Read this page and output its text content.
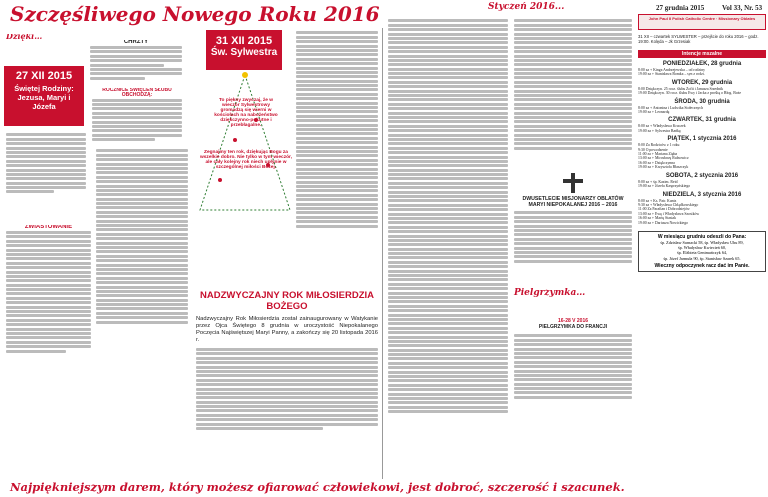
Szczęśliwego Nowego Roku 2016
Dzięki…
27 XII 2015
Świętej Rodziny: Jezusa, Maryi i Józefa
CHRZTY
ROCZNICE ŚWIĘCEŃ SŁUBU OBCHODZĄ:
ZWIASTOWANIE
31 XII 2015
Św. Sylwestra
To piękny zwyczaj, że w wieczór Sylwestrowy gromadzą się wierni w kościołach na nabożeństwo dziękczynno-pokutne i przebłagalne.
Zegnajmy ten rok, dziękując Bogu za wszelkie dobro. Nie tylko w tym wieczór, ale cały kolejny rok niech upłynie w szczególnej miłości Bożej.
NADZWYCZAJNY ROK MIŁOSIERDZIA BOŻEGO
Nadzwyczajny Rok Miłosierdzia został zainaugurowany w Watykanie przez Ojca Świętego 8 grudnia w uroczystość Niepokalanego Poczęcia Najświętszej Maryi Panny, a zakończy się 20 listopada 2016 r.
Najpiękniejszym darem, który możesz ofiarować człowiekowi, jest dobroć, szczerość i szacunek.
Styczeń 2016...	27 grudnia 2015	Vol 33, Nr. 53
DWUSETLECIE MISJONARZY OBLATÓW MARYI NIEPOKALANEJ 2016 – 2016
Pielgrzymka…
16-28 V 2016
PIELGRZYMKA DO FRANCJI
John Paul II Polish Catholic Centre · Missionary Oblates
31 XII – czwartek SYLWESTER – przejście do roku 2016 – godz. 19:00. Kolęda – Jk Grzesiak
Intencje mszalne
PONIEDZIAŁEK, 28 grudnia
8:00 za + Kinga Andrzejewska – od rodziny
19:00 za + Stanisława Bomka – syn z rodzi.
WTOREK, 29 grudnia
8:00 Dziękczyn. 25 rocz. ślubu Zofii i Janusza Srzednik
19:00 Dziękczyn. 30 rocz. ślubu Ewy i Jacka z prośbą o Błog. Boże
ŚRODA, 30 grudnia
8:00 za + Antonina i Ludwika Stołecznych
19:00 za + Leonardę
CZWARTEK, 31 grudnia
8:00 za + Władysława Kruczek
19:00 za + Sylwestra Bańkę
PIĄTEK, 1 stycznia 2016
8:00 Za Rodziców z 1 roku
9:30 O powodzenie
11:00 za + Mariana Zięba
13:00 za + Mirosławę Rulnowicz
16:00 za + Dziękczynna
19:00 za + Krzysztofa Błaszczyk
SOBOTA, 2 stycznia 2016
8:00 za + śp. Kazim. Reid
19:00 za + Józefa Kasprzyńskiego
NIEDZIELA, 3 stycznia 2016
8:00 za + Ks. Patr. Kuntz
9:30 za + Władysława Chłądkowskiego
11:00 Za Parafian i Dobrodziejów
13:00 za + Ewę i Władysława Szostków
16:00 za + Marię Stasiak
19:00 za + Dariusza Nowickiego
W miesiącu grudniu odeszli do Pana:
śp. Zdzisław Sarnacki 58, śp. Władysław Ubu 89,
śp. Władysław Kwiecień 60,
śp. Elżbieta Genimańczyk 64,
śp. Józef Jarmuła 90, śp. Stanisław Szarek 65.
Wieczny odpoczynek racz dać im Panie.
